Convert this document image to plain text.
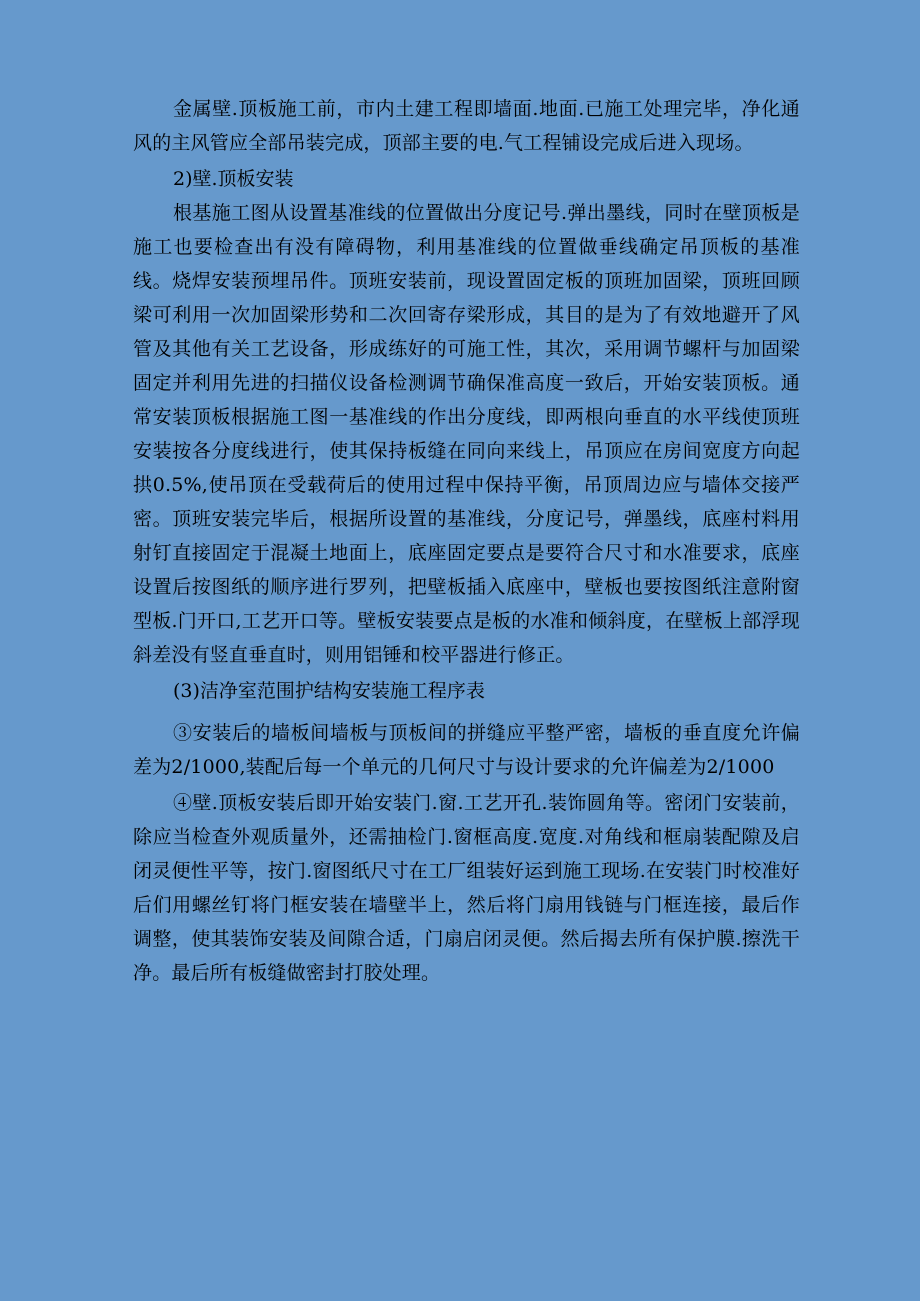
金属壁.顶板施工前，市内土建工程即墙面.地面.已施工处理完毕，净化通风的主风管应全部吊装完成，顶部主要的电.气工程铺设完成后进入现场。

2)壁.顶板安装

根基施工图从设置基准线的位置做出分度记号.弹出墨线，同时在壁顶板是施工也要检查出有没有障碍物，利用基准线的位置做垂线确定吊顶板的基准线。烧焊安装预埋吊件。顶班安装前，现设置固定板的顶班加固梁，顶班回顾梁可利用一次加固梁形势和二次回寄存梁形成，其目的是为了有效地避开了风管及其他有关工艺设备，形成练好的可施工性，其次，采用调节螺杆与加固梁固定并利用先进的扫描仪设备检测调节确保准高度一致后，开始安装顶板。通常安装顶板根据施工图一基准线的作出分度线，即两根向垂直的水平线使顶班安装按各分度线进行，使其保持板缝在同向来线上，吊顶应在房间宽度方向起拱0.5%,使吊顶在受载荷后的使用过程中保持平衡，吊顶周边应与墙体交接严密。顶班安装完毕后，根据所设置的基准线，分度记号，弹墨线，底座村料用射钉直接固定于混凝土地面上，底座固定要点是要符合尺寸和水准要求，底座设置后按图纸的顺序进行罗列，把壁板插入底座中，壁板也要按图纸注意附窗型板.门开口,工艺开口等。壁板安装要点是板的水准和倾斜度，在壁板上部浮现斜差没有竖直垂直时，则用铝锤和校平器进行修正。

(3)洁净室范围护结构安装施工程序表

③安装后的墙板间墙板与顶板间的拼缝应平整严密，墙板的垂直度允许偏差为2/1000,装配后每一个单元的几何尺寸与设计要求的允许偏差为2/1000

④壁.顶板安装后即开始安装门.窗.工艺开孔.装饰圆角等。密闭门安装前，除应当检查外观质量外，还需抽检门.窗框高度.宽度.对角线和框扇装配隙及启闭灵便性平等，按门.窗图纸尺寸在工厂组装好运到施工现场.在安装门时校准好后们用螺丝钉将门框安装在墙壁半上，然后将门扇用钱链与门框连接，最后作调整，使其装饰安装及间隙合适，门扇启闭灵便。然后揭去所有保护膜.擦洗干净。最后所有板缝做密封打胶处理。
